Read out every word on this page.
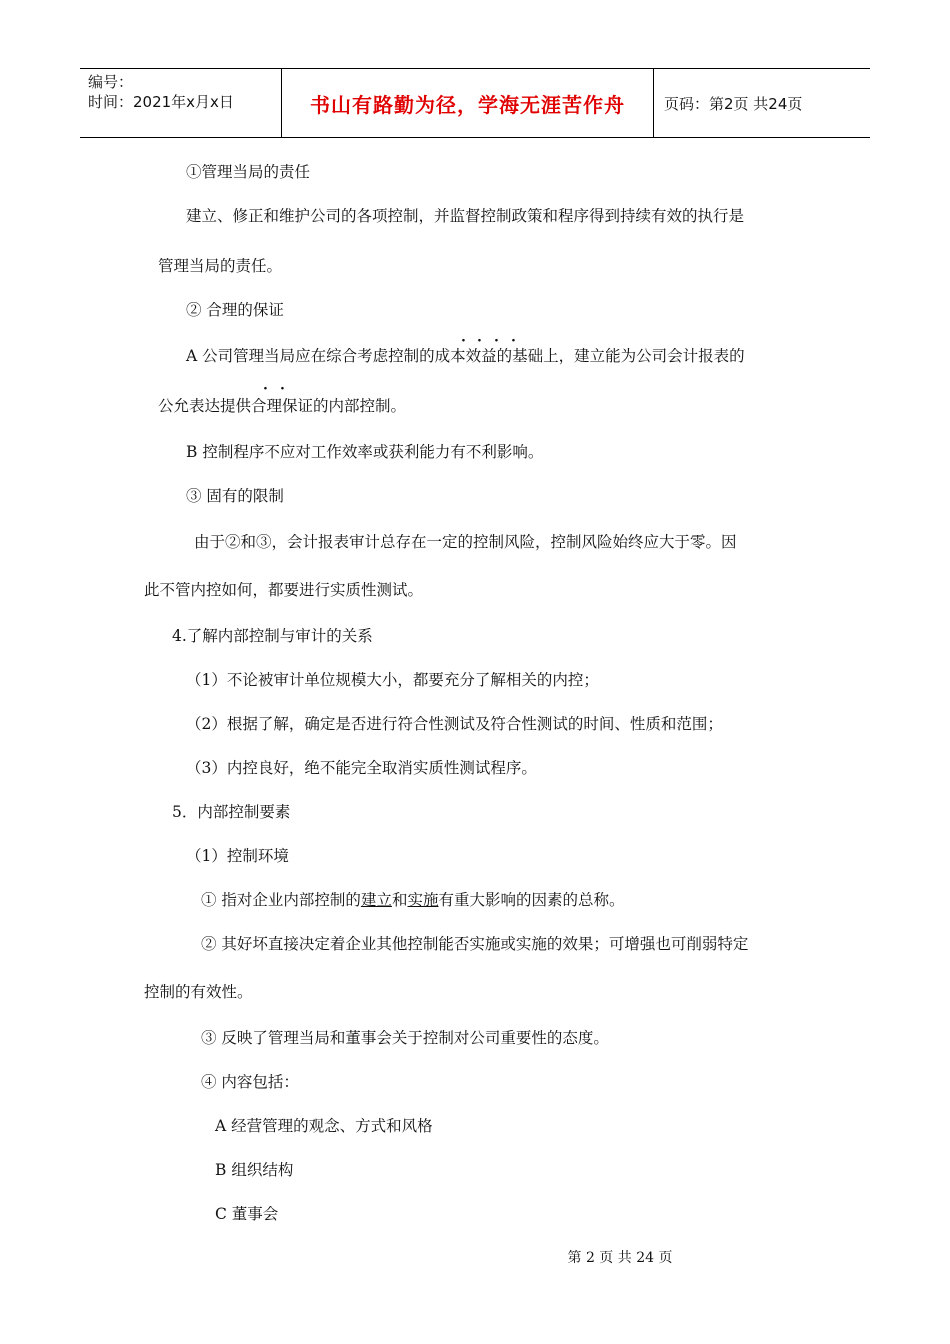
编号：
时间：2021年x月x日	书山有路勤为径，学海无涯苦作舟	页码：第2页 共24页
①管理当局的责任
建立、修正和维护公司的各项控制，并监督控制政策和程序得到持续有效的执行是
管理当局的责任。
② 合理的保证
· · · ·
A 公司管理当局应在综合考虑控制的成本效益的基础上，建立能为公司会计报表的
· ·
公允表达提供合理保证的内部控制。
B 控制程序不应对工作效率或获利能力有不利影响。
③ 固有的限制
由于②和③，会计报表审计总存在一定的控制风险，控制风险始终应大于零。因
此不管内控如何，都要进行实质性测试。
4.了解内部控制与审计的关系
（1）不论被审计单位规模大小，都要充分了解相关的内控；
（2）根据了解，确定是否进行符合性测试及符合性测试的时间、性质和范围；
（3）内控良好，绝不能完全取消实质性测试程序。
5．内部控制要素
（1）控制环境
① 指对企业内部控制的建立和实施有重大影响的因素的总称。
② 其好坏直接决定着企业其他控制能否实施或实施的效果；可增强也可削弱特定
控制的有效性。
③ 反映了管理当局和董事会关于控制对公司重要性的态度。
④ 内容包括：
A 经营管理的观念、方式和风格
B 组织结构
C 董事会
第 2 页 共 24 页
